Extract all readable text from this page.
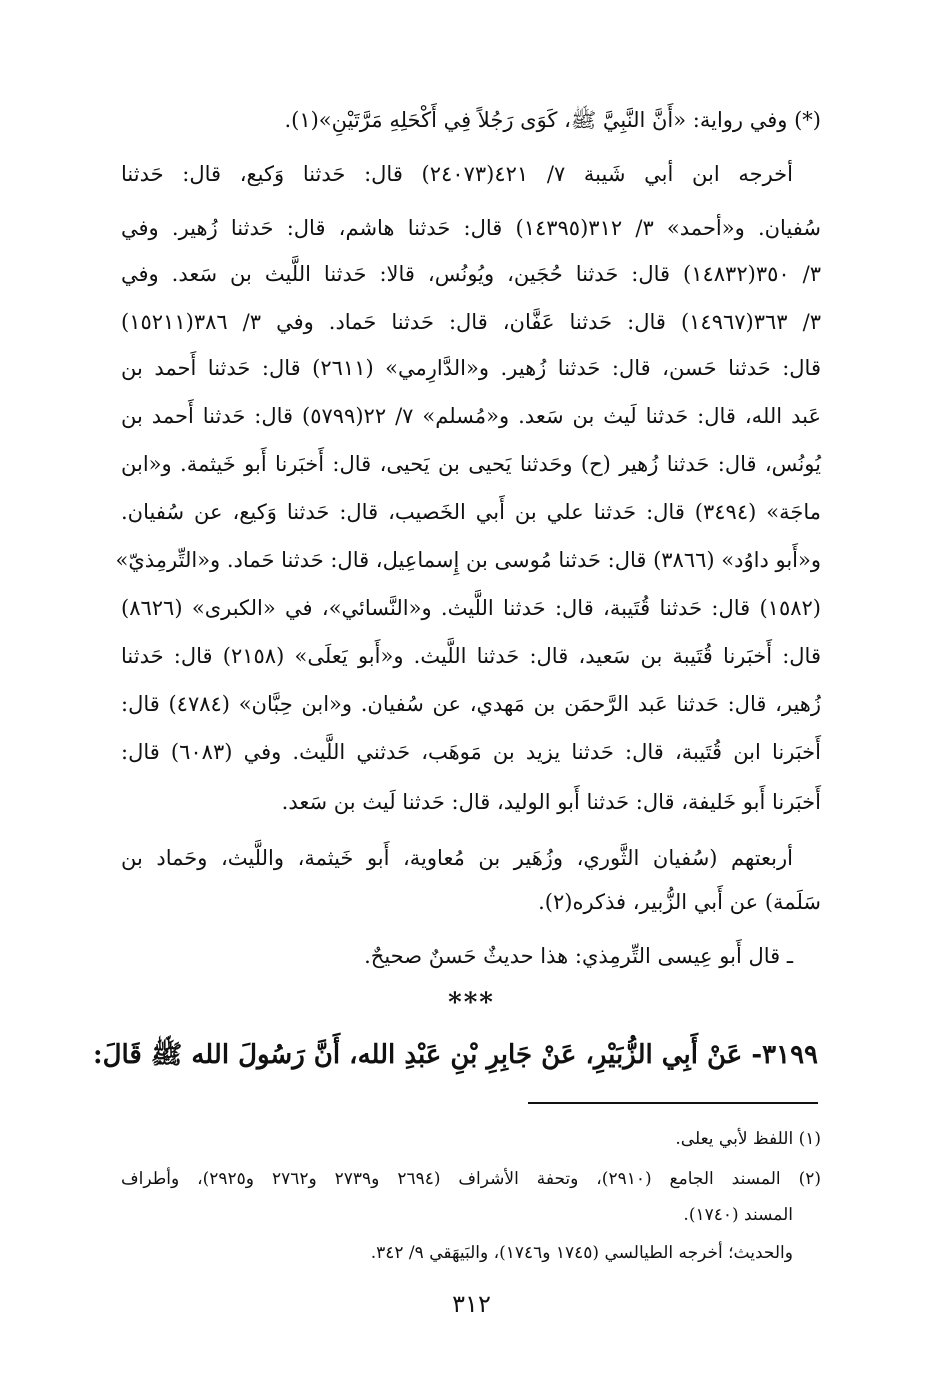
(*) وفي رواية: «أَنَّ النَّبِيَّ ﷺ، كَوَى رَجُلاً فِي أَكْحَلِهِ مَرَّتَيْنِ»(١).
أخرجه ابن أبي شَيبة ٧/ ٤٢١(٢٤٠٧٣) قال: حَدثنا وَكيع، قال: حَدثنا
سُفيان. و«أحمد» ٣/ ٣١٢(١٤٣٩٥) قال: حَدثنا هاشم، قال: حَدثنا زُهير. وفي
٣/ ٣٥٠(١٤٨٣٢) قال: حَدثنا حُجَين، ويُونُس، قالا: حَدثنا اللَّيث بن سَعد. وفي
٣/ ٣٦٣(١٤٩٦٧) قال: حَدثنا عَفَّان، قال: حَدثنا حَماد. وفي ٣/ ٣٨٦(١٥٢١١)
قال: حَدثنا حَسن، قال: حَدثنا زُهير. و«الدَّارِمي» (٢٦١١) قال: حَدثنا أَحمد بن
عَبد الله، قال: حَدثنا لَيث بن سَعد. و«مُسلم» ٧/ ٢٢(٥٧٩٩) قال: حَدثنا أَحمد بن
يُونُس، قال: حَدثنا زُهير (ح) وحَدثنا يَحيى بن يَحيى، قال: أَخبَرنا أَبو خَيثمة. و«ابن
ماجَة» (٣٤٩٤) قال: حَدثنا علي بن أَبي الخَصيب، قال: حَدثنا وَكيع، عن سُفيان.
و«أَبو داوُد» (٣٨٦٦) قال: حَدثنا مُوسى بن إِسماعِيل، قال: حَدثنا حَماد. و«التِّرمِذيّ»
(١٥٨٢) قال: حَدثنا قُتَيبة، قال: حَدثنا اللَّيث. و«النَّسائي»، في «الكبرى» (٨٦٢٦)
قال: أَخبَرنا قُتَيبة بن سَعيد، قال: حَدثنا اللَّيث. و«أَبو يَعلَى» (٢١٥٨) قال: حَدثنا
زُهير، قال: حَدثنا عَبد الرَّحمَن بن مَهدي، عن سُفيان. و«ابن حِبَّان» (٤٧٨٤) قال:
أَخبَرنا ابن قُتَيبة، قال: حَدثنا يزيد بن مَوهَب، حَدثني اللَّيث. وفي (٦٠٨٣) قال:
أَخبَرنا أَبو خَليفة، قال: حَدثنا أَبو الوليد، قال: حَدثنا لَيث بن سَعد.
أربعتهم (سُفيان الثَّوري، وزُهَير بن مُعاوية، أَبو خَيثمة، واللَّيث، وحَماد بن
سَلَمة) عن أَبي الزُّبير، فذكره(٢).
ـ قال أَبو عِيسى التِّرمِذي: هذا حديثٌ حَسنٌ صحيحٌ.
***
٣١٩٩- عَنْ أَبِي الزُّبَيْرِ، عَنْ جَابِرِ بْنِ عَبْدِ الله، أَنَّ رَسُولَ الله ﷺ قَالَ:
(١) اللفظ لأبي يعلى.
(٢) المسند الجامع (٢٩١٠)، وتحفة الأشراف (٢٦٩٤ و٢٧٣٩ و٢٧٦٢ و٢٩٢٥)، وأطراف
المسند (١٧٤٠).
والحديث؛ أخرجه الطيالسي (١٧٤٥ و١٧٤٦)، والبَيهَقي ٩/ ٣٤٢.
٣١٢
